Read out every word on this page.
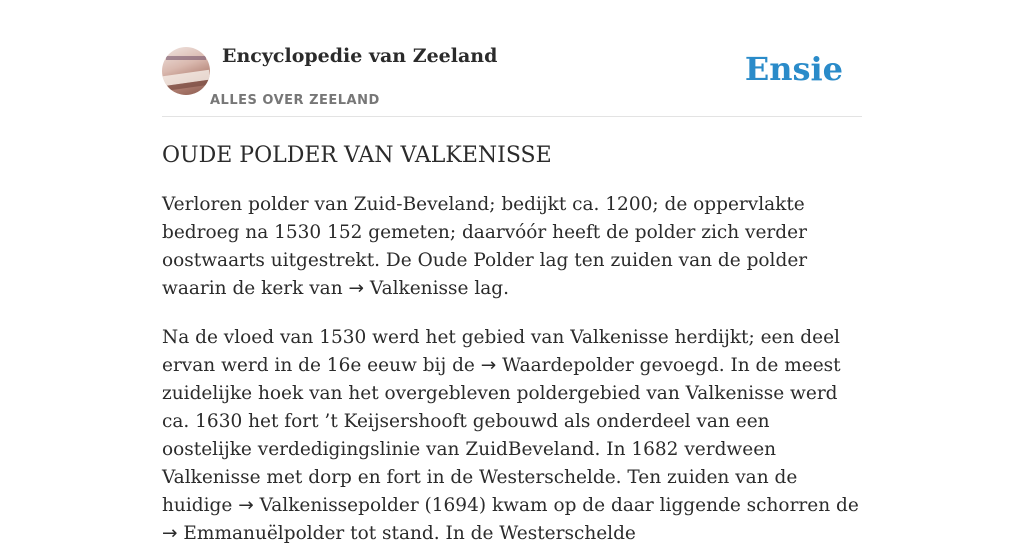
Encyclopedie van Zeeland
ALLES OVER ZEELAND
Ensie
OUDE POLDER VAN VALKENISSE

Verloren polder van Zuid-Beveland; bedijkt ca. 1200; de oppervlakte bedroeg na 1530 152 gemeten; daarvóór heeft de polder zich verder oostwaarts uitgestrekt. De Oude Polder lag ten zuiden van de polder waarin de kerk van → Valkenisse lag.

Na de vloed van 1530 werd het gebied van Valkenisse herdijkt; een deel ervan werd in de 16e eeuw bij de → Waardepolder gevoegd. In de meest zuidelijke hoek van het overgebleven poldergebied van Valkenisse werd ca. 1630 het fort ’t Keijsershooft gebouwd als onderdeel van een oostelijke verdedigingslinie van ZuidBeveland. In 1682 verdween Valkenisse met dorp en fort in de Westerschelde. Ten zuiden van de huidige → Valkenissepolder (1694) kwam op de daar liggende schorren de → Emmanuëlpolder tot stand. In de Westerschelde
